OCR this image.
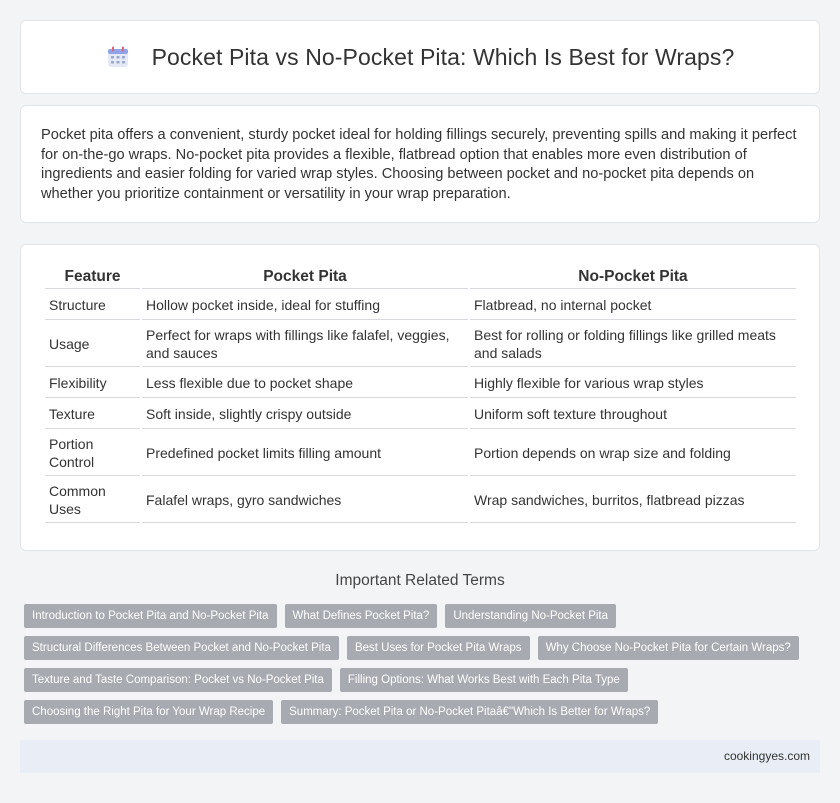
Pocket Pita vs No-Pocket Pita: Which Is Best for Wraps?

Pocket pita offers a convenient, sturdy pocket ideal for holding fillings securely, preventing spills and making it perfect for on-the-go wraps. No-pocket pita provides a flexible, flatbread option that enables more even distribution of ingredients and easier folding for varied wrap styles. Choosing between pocket and no-pocket pita depends on whether you prioritize containment or versatility in your wrap preparation.

Feature	Pocket Pita	No-Pocket Pita
Structure	Hollow pocket inside, ideal for stuffing	Flatbread, no internal pocket
Usage	Perfect for wraps with fillings like falafel, veggies, and sauces	Best for rolling or folding fillings like grilled meats and salads
Flexibility	Less flexible due to pocket shape	Highly flexible for various wrap styles
Texture	Soft inside, slightly crispy outside	Uniform soft texture throughout
Portion Control	Predefined pocket limits filling amount	Portion depends on wrap size and folding
Common Uses	Falafel wraps, gyro sandwiches	Wrap sandwiches, burritos, flatbread pizzas
Important Related Terms
Introduction to Pocket Pita and No-Pocket Pita	What Defines Pocket Pita?	Understanding No-Pocket Pita
Structural Differences Between Pocket and No-Pocket Pita	Best Uses for Pocket Pita Wraps	Why Choose No-Pocket Pita for Certain Wraps?
Texture and Taste Comparison: Pocket vs No-Pocket Pita	Filling Options: What Works Best with Each Pita Type
Choosing the Right Pita for Your Wrap Recipe	Summary: Pocket Pita or No-Pocket Pitaâ€"Which Is Better for Wraps?
cookingyes.com
